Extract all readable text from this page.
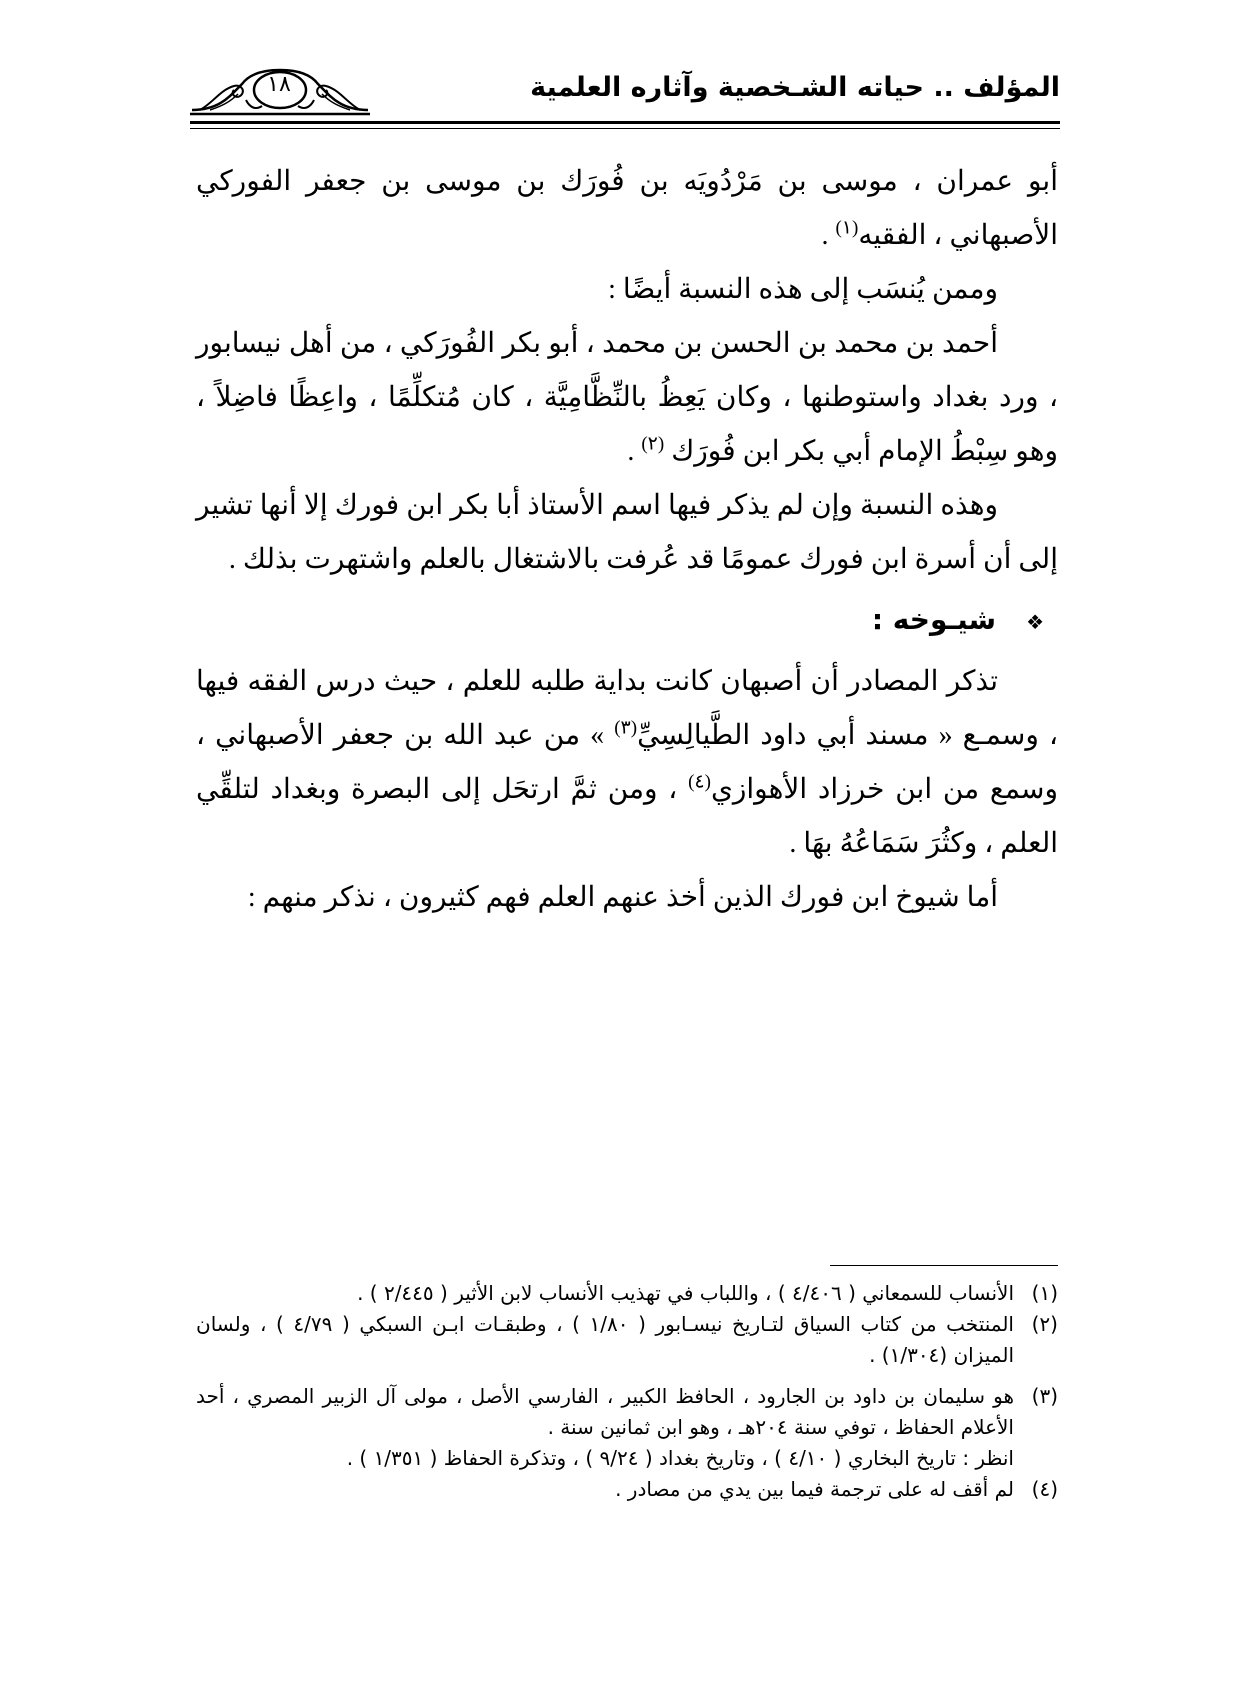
المؤلف .. حياته الشـخصية وآثاره العلمية
١٨

أبو عمران ، موسى بن مَرْدُويَه بن فُورَك بن موسى بن جعفر الفوركي الأصبهاني ، الفقيه$^{(١)}$ .

وممن يُنسَب إلى هذه النسبة أيضًا :

أحمد بن محمد بن الحسن بن محمد ، أبو بكر الفُورَكي ، من أهل نيسابور ، ورد بغداد واستوطنها ، وكان يَعِظُ بالنِّظَّامِيَّة ، كان مُتكلِّمًا ، واعِظًا فاضِلاً ، وهو سِبْطُ الإمام أبي بكر ابن فُورَك $^{(٢)}$ .

وهذه النسبة وإن لم يذكر فيها اسم الأستاذ أبا بكر ابن فورك إلا أنها تشير إلى أن أسرة ابن فورك عمومًا قد عُرفت بالاشتغال بالعلم واشتهرت بذلك .

❖شيـوخه :

تذكر المصادر أن أصبهان كانت بداية طلبه للعلم ، حيث درس الفقه فيها ، وسمـع « مسند أبي داود الطَّيالِسِيِّ$^{(٣)}$ » من عبد الله بن جعفر الأصبهاني ، وسمع من ابن خرزاد الأهوازي$^{(٤)}$ ، ومن ثمَّ ارتحَل إلى البصرة وبغداد لتلقِّي العلم ، وكثُرَ سَمَاعُهُ بهَا .

أما شيوخ ابن فورك الذين أخذ عنهم العلم فهم كثيرون ، نذكر منهم :

(١)الأنساب للسمعاني ( ٤/٤٠٦ ) ، واللباب في تهذيب الأنساب لابن الأثير ( ٢/٤٤٥ ) .

(٢)المنتخب من كتاب السياق لتـاريخ نيسـابور ( ١/٨٠ ) ، وطبقـات ابـن السبكي ( ٤/٧٩ ) ، ولسان الميزان (١/٣٠٤) .

(٣)هو سليمان بن داود بن الجارود ، الحافظ الكبير ، الفارسي الأصل ، مولى آل الزبير المصري ، أحد الأعلام الحفاظ ، توفي سنة ٢٠٤هـ ، وهو ابن ثمانين سنة .

انظر : تاريخ البخاري ( ٤/١٠ ) ، وتاريخ بغداد ( ٩/٢٤ ) ، وتذكرة الحفاظ ( ١/٣٥١ ) .

(٤)لم أقف له على ترجمة فيما بين يدي من مصادر .
